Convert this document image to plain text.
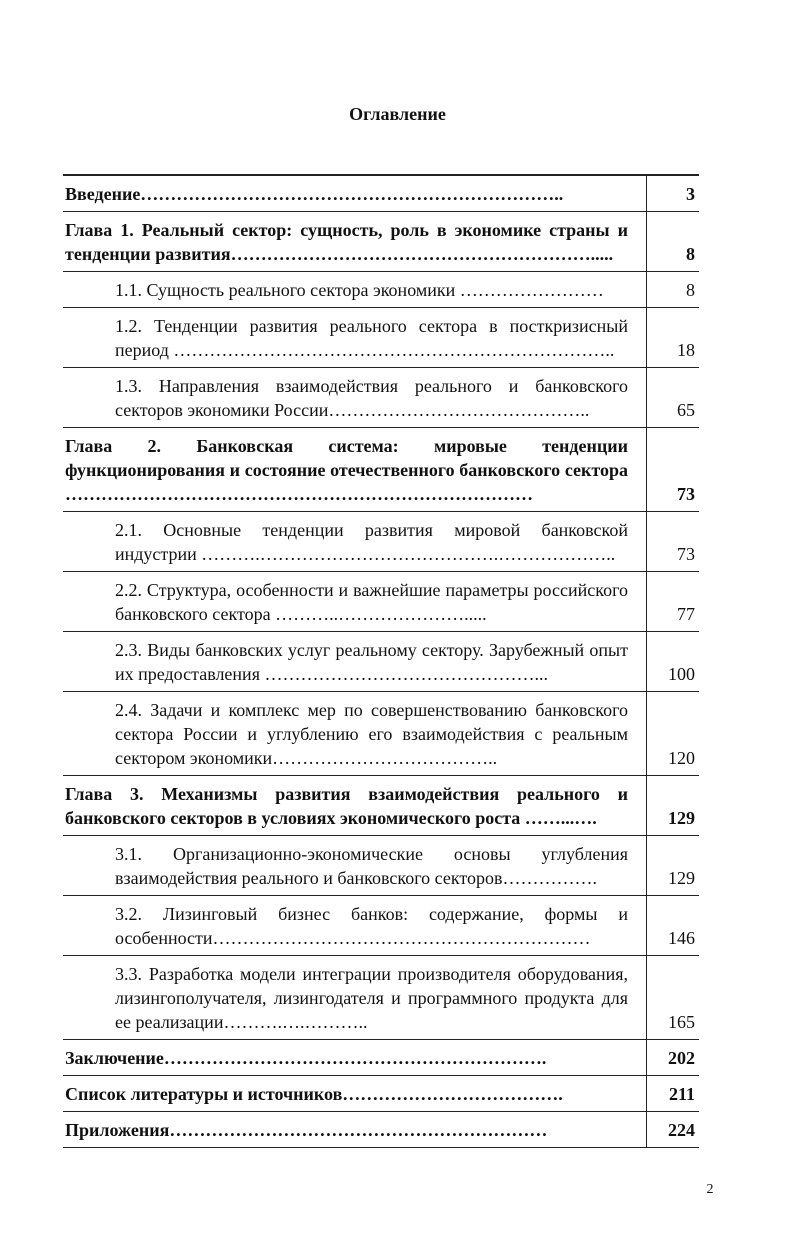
Оглавление
Введение……………………………………………………………..	3
Глава 1. Реальный сектор: сущность, роль в экономике страны и тенденции развития…………………………………………………….....	8
1.1. Сущность реального сектора экономики ……………………	8
1.2. Тенденции развития реального сектора в посткризисный период ………………………………………………………………..	18
1.3. Направления взаимодействия реального и банковского секторов экономики России……………………………………..	65
Глава 2. Банковская система: мировые тенденции функционирования и состояние отечественного банковского сектора ……………………………………………………………………	73
2.1. Основные тенденции развития мировой банковской индустрии ……….………………………………….………………..	73
2.2. Структура, особенности и важнейшие параметры российского банковского сектора ………..………………….....	77
2.3. Виды банковских услуг реальному сектору. Зарубежный опыт их предоставления ………………………………………...	100
2.4. Задачи и комплекс мер по совершенствованию банковского сектора России и углублению его взаимодействия с реальным сектором экономики………………………………..	120
Глава 3. Механизмы развития взаимодействия реального и банковского секторов в условиях экономического роста ……...….	129
3.1. Организационно-экономические основы углубления взаимодействия реального и банковского секторов…………….	129
3.2. Лизинговый бизнес банков: содержание, формы и особенности………………………………………………………	146
3.3. Разработка модели интеграции производителя оборудования, лизингополучателя, лизингодателя и программного продукта для ее реализации……….….………..	165
Заключение……………………………………………………….	202
Список литературы и источников……………………………….	211
Приложения………………………………………………………	224
2
